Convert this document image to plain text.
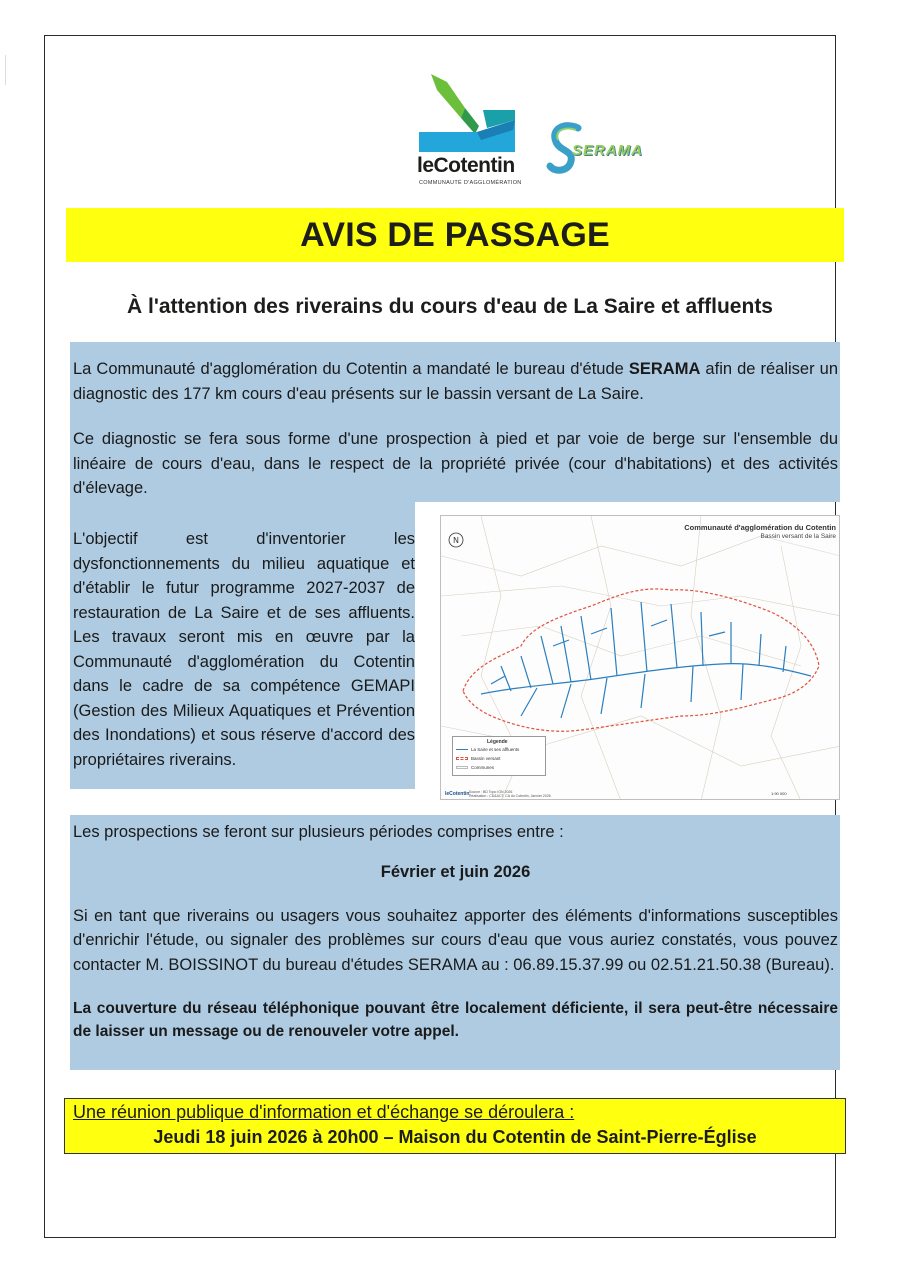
leCotentin
COMMUNAUTÉ D'AGGLOMÉRATION
SERAMA
AVIS DE PASSAGE
À l'attention des riverains du cours d'eau de La Saire et affluents

La Communauté d'agglomération du Cotentin a mandaté le bureau d'étude SERAMA afin de réaliser un diagnostic des 177 km cours d'eau présents sur le bassin versant de La Saire.

Ce diagnostic se fera sous forme d'une prospection à pied et par voie de berge sur l'ensemble du linéaire de cours d'eau, dans le respect de la propriété privée (cour d'habitations) et des activités d'élevage.

L'objectif est d'inventorier les dysfonctionnements du milieu aquatique et d'établir le futur programme 2027-2037 de restauration de La Saire et de ses affluents. Les travaux seront mis en œuvre par la Communauté d'agglomération du Cotentin dans le cadre de sa compétence GEMAPI (Gestion des Milieux Aquatiques et Prévention des Inondations) et sous réserve d'accord des propriétaires riverains.

N
Communauté d'agglomération du Cotentin
Bassin versant de la Saire
Légende
La Saire et ses affluents
Bassin versant
Communes
leCotentin Source : BD Topo IGN 2026
Réalisation : CD&ACT, CA du Cotentin, Janvier 2026	1:90 000

Les prospections se feront sur plusieurs périodes comprises entre :

Février et juin 2026

Si en tant que riverains ou usagers vous souhaitez apporter des éléments d'informations susceptibles d'enrichir l'étude, ou signaler des problèmes sur cours d'eau que vous auriez constatés, vous pouvez contacter M. BOISSINOT du bureau d'études SERAMA au : 06.89.15.37.99 ou 02.51.21.50.38 (Bureau).

La couverture du réseau téléphonique pouvant être localement déficiente, il sera peut-être nécessaire de laisser un message ou de renouveler votre appel.

Une réunion publique d'information et d'échange se déroulera :
Jeudi 18 juin 2026 à 20h00 – Maison du Cotentin de Saint-Pierre-Église
